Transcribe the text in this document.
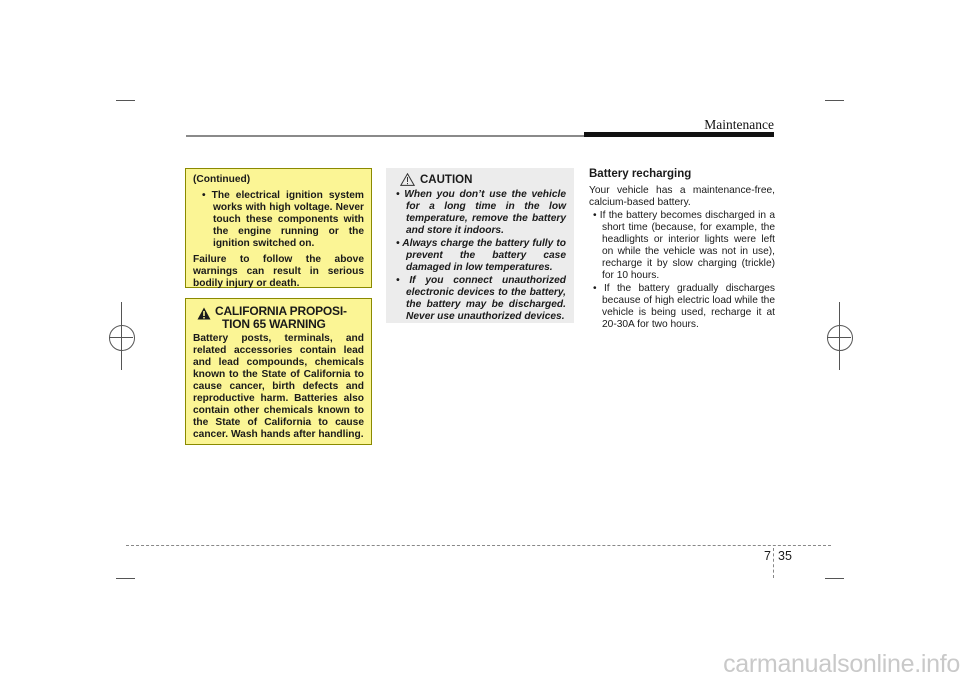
Maintenance

(Continued)

• The electrical ignition system works with high voltage. Never touch these components with the engine running or the ignition switched on.

Failure to follow the above warnings can result in serious bodily injury or death.

CALIFORNIA PROPOSI-
TION 65 WARNING

Battery posts, terminals, and related accessories contain lead and lead compounds, chemicals known to the State of California to cause cancer, birth defects and reproductive harm. Batteries also contain other chemicals known to the State of California to cause cancer. Wash hands after handling.

CAUTION

• When you don’t use the vehicle for a long time in the low temperature, remove the battery and store it indoors.

• Always charge the battery fully to prevent the battery case damaged in low temperatures.

• If you connect unauthorized electronic devices to the battery, the battery may be discharged. Never use unauthorized devices.

Battery recharging

Your vehicle has a maintenance-free, calcium-based battery.

• If the battery becomes discharged in a short time (because, for example, the headlights or interior lights were left on while the vehicle was not in use), recharge it by slow charging (trickle) for 10 hours.

• If the battery gradually discharges because of high electric load while the vehicle is being used, recharge it at 20-30A for two hours.

7 35
carmanualsonline.info
